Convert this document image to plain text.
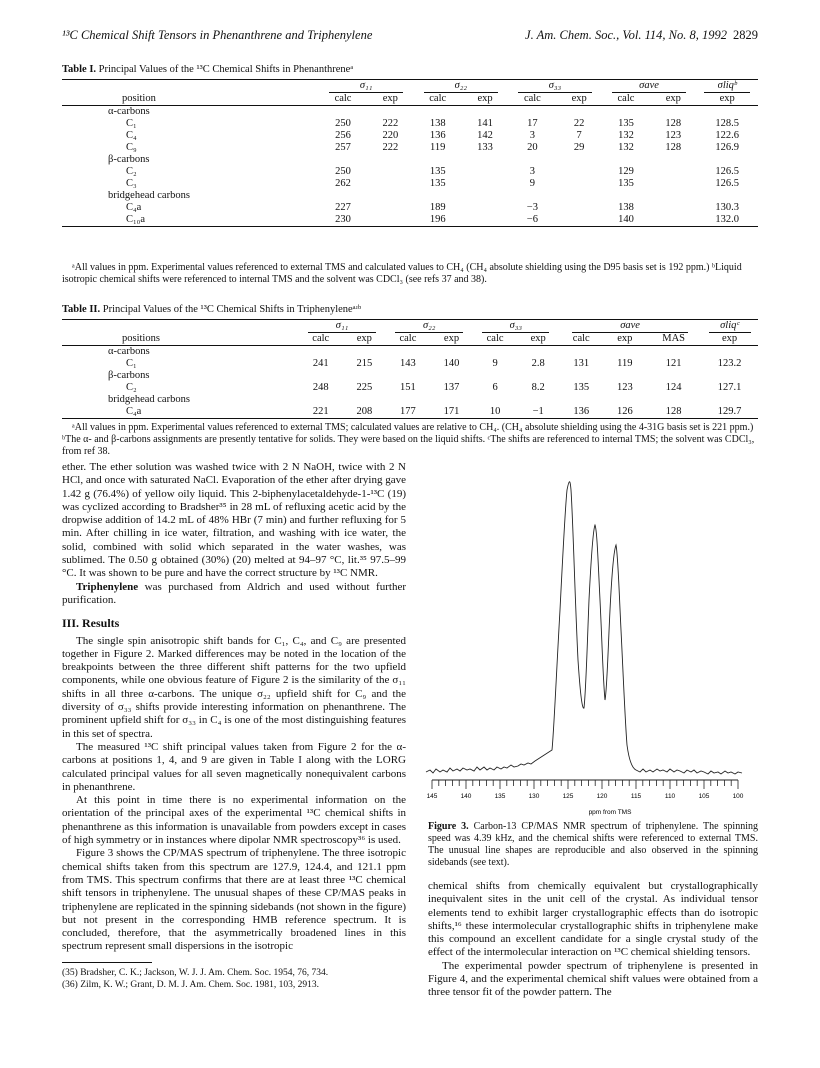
¹³C Chemical Shift Tensors in Phenanthrene and Triphenylene	J. Am. Chem. Soc., Vol. 114, No. 8, 1992 2829
Table I. Principal Values of the ¹³C Chemical Shifts in Phenanthreneᵃ
	σ₁₁		σ₂₂		σ₃₃		σave		σliqᵇ
position	calc	exp	calc	exp	calc	exp	calc	exp	exp
α-carbons									
C₁	250	222	138	141	17	22	135	128	128.5
C₄	256	220	136	142	3	7	132	123	122.6
C₉	257	222	119	133	20	29	132	128	126.9
β-carbons									
C₂	250		135		3		129		126.5
C₃	262		135		9		135		126.5
bridgehead carbons									
C₄a	227		189		−3		138		130.3
C₁₀a	230		196		−6		140		132.0
ᵃAll values in ppm. Experimental values referenced to external TMS and calculated values to CH₄ (CH₄ absolute shielding using the D95 basis set is 192 ppm.) ᵇLiquid isotropic chemical shifts were referenced to internal TMS and the solvent was CDCl₃ (see refs 37 and 38).
Table II. Principal Values of the ¹³C Chemical Shifts in Triphenyleneᵃʴᵇ
	σ₁₁		σ₂₂		σ₃₃		σave			σliqᶜ
positions	calc	exp	calc	exp	calc	exp	calc	exp	MAS	exp
α-carbons										
C₁	241	215	143	140	9	2.8	131	119	121	123.2
β-carbons										
C₂	248	225	151	137	6	8.2	135	123	124	127.1
bridgehead carbons										
C₄a	221	208	177	171	10	−1	136	126	128	129.7
ᵃAll values in ppm. Experimental values referenced to external TMS; calculated values are relative to CH₄. (CH₄ absolute shielding using the 4-31G basis set is 221 ppm.) ᵇThe α- and β-carbons assignments are presently tentative for solids. They were based on the liquid shifts. ᶜThe shifts are referenced to internal TMS; the solvent was CDCl₃, from ref 38.

ether. The ether solution was washed twice with 2 N NaOH, twice with 2 N HCl, and once with saturated NaCl. Evaporation of the ether after drying gave 1.42 g (76.4%) of yellow oily liquid. This 2-biphenylacetaldehyde-1-¹³C (19) was cyclized according to Bradsher³⁵ in 28 mL of refluxing acetic acid by the dropwise addition of 14.2 mL of 48% HBr (7 min) and further refluxing for 5 min. After chilling in ice water, filtration, and washing with ice water, the solid, combined with solid which separated in the water washes, was sublimed. The 0.50 g obtained (30%) (20) melted at 94–97 °C, lit.³⁵ 97.5–99 °C. It was shown to be pure and have the correct structure by ¹³C NMR.

Triphenylene was purchased from Aldrich and used without further purification.

III. Results

The single spin anisotropic shift bands for C₁, C₄, and C₉ are presented together in Figure 2. Marked differences may be noted in the location of the breakpoints between the three different shift patterns for the two upfield components, while one obvious feature of Figure 2 is the similarity of the σ₁₁ shifts in all three α-carbons. The unique σ₂₂ upfield shift for C₉ and the diversity of σ₃₃ shifts provide interesting information on phenanthrene. The prominent upfield shift for σ₃₃ in C₄ is one of the most distinguishing features in this set of spectra.

The measured ¹³C shift principal values taken from Figure 2 for the α-carbons at positions 1, 4, and 9 are given in Table I along with the LORG calculated principal values for all seven magnetically nonequivalent carbons in phenanthrene.

At this point in time there is no experimental information on the orientation of the principal axes of the experimental ¹³C chemical shifts in phenanthrene as this information is unavailable from powders except in cases of high symmetry or in instances where dipolar NMR spectroscopy³⁶ is used.

Figure 3 shows the CP/MAS spectrum of triphenylene. The three isotropic chemical shifts taken from this spectrum are 127.9, 124.4, and 121.1 ppm from TMS. This spectrum confirms that there are at least three ¹³C chemical shift tensors in triphenylene. The unusual shapes of these CP/MAS peaks in triphenylene are replicated in the spinning sidebands (not shown in the figure) but not present in the corresponding HMB reference spectrum. It is concluded, therefore, that the asymmetrically broadened lines in this spectrum represent small dispersions in the isotropic

(35) Bradsher, C. K.; Jackson, W. J. J. Am. Chem. Soc. 1954, 76, 734.

(36) Zilm, K. W.; Grant, D. M. J. Am. Chem. Soc. 1981, 103, 2913.

145	140	135	130	125	120	115	110	105	100
ppm from TMS
Figure 3. Carbon-13 CP/MAS NMR spectrum of triphenylene. The spinning speed was 4.39 kHz, and the chemical shifts were referenced to external TMS. The unusual line shapes are reproducible and also observed in the spinning sidebands (see text).

chemical shifts from chemically equivalent but crystallographically inequivalent sites in the unit cell of the crystal. As individual tensor elements tend to exhibit larger crystallographic effects than do isotropic shifts,¹⁶ these intermolecular crystallographic shifts in triphenylene make this compound an excellent candidate for a single crystal study of the effect of the intermolecular interaction on ¹³C chemical shielding tensors.

The experimental powder spectrum of triphenylene is presented in Figure 4, and the experimental chemical shift values were obtained from a three tensor fit of the powder pattern. The
